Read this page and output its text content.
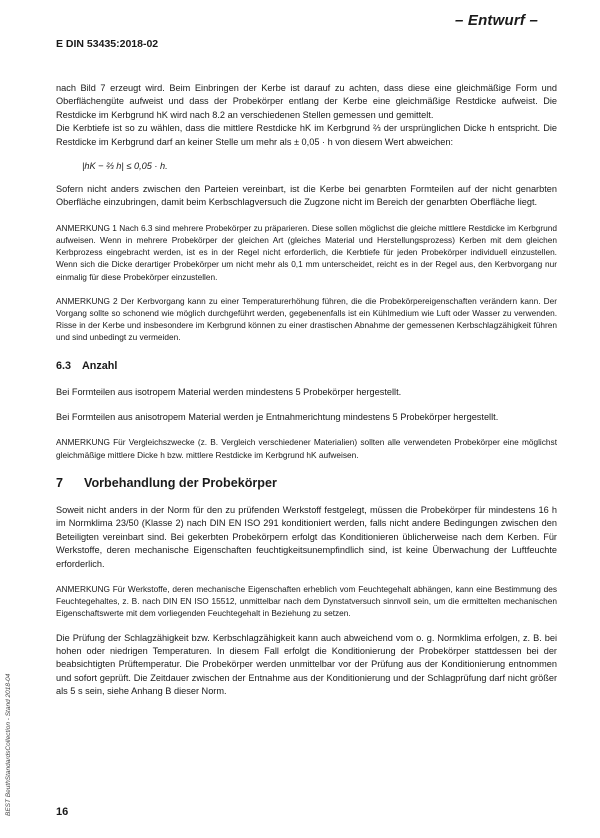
– Entwurf –
E DIN 53435:2018-02

nach Bild 7 erzeugt wird. Beim Einbringen der Kerbe ist darauf zu achten, dass diese eine gleichmäßige Form und Oberflächengüte aufweist und dass der Probekörper entlang der Kerbe eine gleichmäßige Restdicke aufweist. Die Restdicke im Kerbgrund hK wird nach 8.2 an verschiedenen Stellen gemessen und gemittelt.

Die Kerbtiefe ist so zu wählen, dass die mittlere Restdicke hK im Kerbgrund ⅔ der ursprünglichen Dicke h entspricht. Die Restdicke im Kerbgrund darf an keiner Stelle um mehr als ± 0,05 · h von diesem Wert abweichen:

|hK − ⅔ h| ≤ 0,05 · h.

Sofern nicht anders zwischen den Parteien vereinbart, ist die Kerbe bei genarbten Formteilen auf der nicht genarbten Oberfläche einzubringen, damit beim Kerbschlagversuch die Zugzone nicht im Bereich der genarbten Oberfläche liegt.

ANMERKUNG 1 Nach 6.3 sind mehrere Probekörper zu präparieren. Diese sollen möglichst die gleiche mittlere Restdicke im Kerbgrund aufweisen. Wenn in mehrere Probekörper der gleichen Art (gleiches Material und Herstellungsprozess) Kerben mit dem gleichen Kerbprozess eingebracht werden, ist es in der Regel nicht erforderlich, die Kerbtiefe für jeden Probekörper individuell einzustellen. Wenn sich die Dicke derartiger Probekörper um nicht mehr als 0,1 mm unterscheidet, reicht es in der Regel aus, den Kerbvorgang nur einmalig für diese Probekörper einzustellen.

ANMERKUNG 2 Der Kerbvorgang kann zu einer Temperaturerhöhung führen, die die Probekörpereigenschaften verändern kann. Der Vorgang sollte so schonend wie möglich durchgeführt werden, gegebenenfalls ist ein Kühlmedium wie Luft oder Wasser zu verwenden. Risse in der Kerbe und insbesondere im Kerbgrund können zu einer drastischen Abnahme der gemessenen Kerbschlagzähigkeit führen und sind unbedingt zu vermeiden.

6.3 Anzahl

Bei Formteilen aus isotropem Material werden mindestens 5 Probekörper hergestellt.

Bei Formteilen aus anisotropem Material werden je Entnahmerichtung mindestens 5 Probekörper hergestellt.

ANMERKUNG Für Vergleichszwecke (z. B. Vergleich verschiedener Materialien) sollten alle verwendeten Probekörper eine möglichst gleichmäßige mittlere Dicke h bzw. mittlere Restdicke im Kerbgrund hK aufweisen.

7 Vorbehandlung der Probekörper

Soweit nicht anders in der Norm für den zu prüfenden Werkstoff festgelegt, müssen die Probekörper für mindestens 16 h im Normklima 23/50 (Klasse 2) nach DIN EN ISO 291 konditioniert werden, falls nicht andere Bedingungen zwischen den Beteiligten vereinbart sind. Bei gekerbten Probekörpern erfolgt das Konditionieren üblicherweise nach dem Kerben. Für Werkstoffe, deren mechanische Eigenschaften feuchtigkeitsunempfindlich sind, ist keine Überwachung der Luftfeuchte erforderlich.

ANMERKUNG Für Werkstoffe, deren mechanische Eigenschaften erheblich vom Feuchtegehalt abhängen, kann eine Bestimmung des Feuchtegehaltes, z. B. nach DIN EN ISO 15512, unmittelbar nach dem Dynstatversuch sinnvoll sein, um die ermittelten mechanischen Eigenschaftswerte mit dem vorliegenden Feuchtegehalt in Beziehung zu setzen.

Die Prüfung der Schlagzähigkeit bzw. Kerbschlagzähigkeit kann auch abweichend vom o. g. Normklima erfolgen, z. B. bei hohen oder niedrigen Temperaturen. In diesem Fall erfolgt die Konditionierung der Probekörper stattdessen bei der beabsichtigten Prüftemperatur. Die Probekörper werden unmittelbar vor der Prüfung aus der Konditionierung entnommen und sofort geprüft. Die Zeitdauer zwischen der Entnahme aus der Konditionierung und der Schlagprüfung darf nicht größer als 5 s sein, siehe Anhang B dieser Norm.

BEST BeuthStandardsCollection - Stand 2018-04	16
